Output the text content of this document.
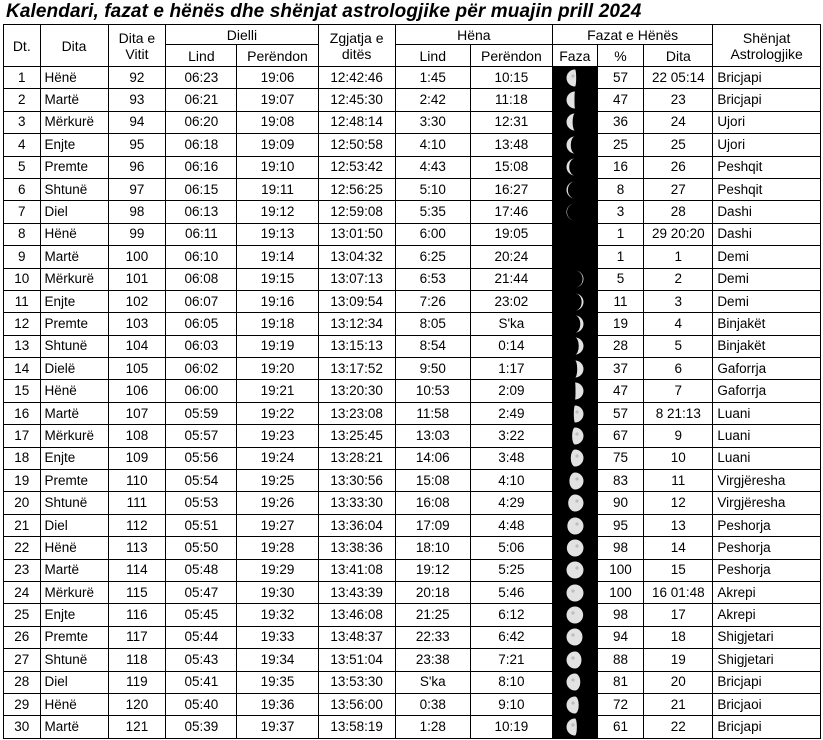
Kalendari, fazat e hënës dhe shënjat astrologjike për muajin prill 2024
Dt.	Dita	Dita e Vitit	Dielli		Zgjatja e ditës	Hëna		Fazat e Hënës			Shënjat Astrologjike
			Lind	Perëndon		Lind	Perëndon	Faza	%	Dita	
1	Hënë	92	06:23	19:06	12:42:46	1:45	10:15		57	22 05:14	Bricjapi
2	Martë	93	06:21	19:07	12:45:30	2:42	11:18		47	23	Bricjapi
3	Mërkurë	94	06:20	19:08	12:48:14	3:30	12:31		36	24	Ujori
4	Enjte	95	06:18	19:09	12:50:58	4:10	13:48		25	25	Ujori
5	Premte	96	06:16	19:10	12:53:42	4:43	15:08		16	26	Peshqit
6	Shtunë	97	06:15	19:11	12:56:25	5:10	16:27		8	27	Peshqit
7	Diel	98	06:13	19:12	12:59:08	5:35	17:46		3	28	Dashi
8	Hënë	99	06:11	19:13	13:01:50	6:00	19:05		1	29 20:20	Dashi
9	Martë	100	06:10	19:14	13:04:32	6:25	20:24		1	1	Demi
10	Mërkurë	101	06:08	19:15	13:07:13	6:53	21:44		5	2	Demi
11	Enjte	102	06:07	19:16	13:09:54	7:26	23:02		11	3	Demi
12	Premte	103	06:05	19:18	13:12:34	8:05	S'ka		19	4	Binjakët
13	Shtunë	104	06:03	19:19	13:15:13	8:54	0:14		28	5	Binjakët
14	Dielë	105	06:02	19:20	13:17:52	9:50	1:17		37	6	Gaforrja
15	Hënë	106	06:00	19:21	13:20:30	10:53	2:09		47	7	Gaforrja
16	Martë	107	05:59	19:22	13:23:08	11:58	2:49		57	8 21:13	Luani
17	Mërkurë	108	05:57	19:23	13:25:45	13:03	3:22		67	9	Luani
18	Enjte	109	05:56	19:24	13:28:21	14:06	3:48		75	10	Luani
19	Premte	110	05:54	19:25	13:30:56	15:08	4:10		83	11	Virgjëresha
20	Shtunë	111	05:53	19:26	13:33:30	16:08	4:29		90	12	Virgjëresha
21	Diel	112	05:51	19:27	13:36:04	17:09	4:48		95	13	Peshorja
22	Hënë	113	05:50	19:28	13:38:36	18:10	5:06		98	14	Peshorja
23	Martë	114	05:48	19:29	13:41:08	19:12	5:25		100	15	Peshorja
24	Mërkurë	115	05:47	19:30	13:43:39	20:18	5:46		100	16 01:48	Akrepi
25	Enjte	116	05:45	19:32	13:46:08	21:25	6:12		98	17	Akrepi
26	Premte	117	05:44	19:33	13:48:37	22:33	6:42		94	18	Shigjetari
27	Shtunë	118	05:43	19:34	13:51:04	23:38	7:21		88	19	Shigjetari
28	Diel	119	05:41	19:35	13:53:30	S'ka	8:10		81	20	Bricjapi
29	Hënë	120	05:40	19:36	13:56:00	0:38	9:10		72	21	Bricjaoi
30	Martë	121	05:39	19:37	13:58:19	1:28	10:19		61	22	Bricjapi
